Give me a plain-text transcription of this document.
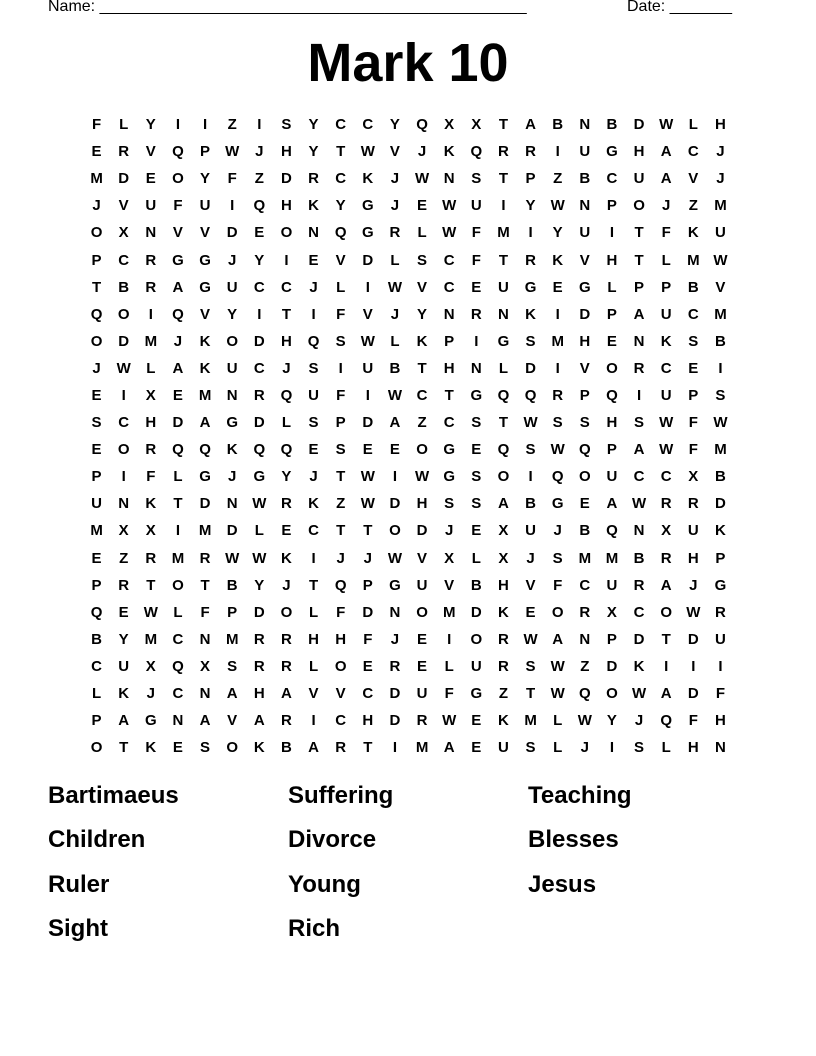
Name: ________________________________________________	Date: _______
Mark 10
F	L	Y	I	I	Z	I	S	Y	C	C	Y	Q	X	X	T	A	B	N	B	D W	L	H
E	R	V	Q	P	W	J	H	Y	T	W	V	J	K	Q	R	R	I	U	G	H	A	C	J
M	D	E	O	Y	F	Z	D	R	C	K	J	W N	S	T	P	Z	B	C	U	A	V	J
J	V	U	F	U	I	Q	H	K	Y	G	J	E	W U	I	Y	W N	P	O	J	Z	M
O	X	N	V	V	D	E	O	N	Q	G	R	L	W	F	M	I	Y	U	I	T	F	K	U
P	C	R	G	G	J	Y	I	E	V	D	L	S	C	F	T	R	K	V	H	T	L	M W
T	B	R	A	G	U	C	C	J	L	I	W	V	C	E	U	G	E	G	L	P	P	B	V
Q	O	I	Q	V	Y	I	T	I	F	V	J	Y	N	R	N	K	I	D	P	A	U	C	M
O	D	M	J	K	O	D	H	Q	S	W	L	K	P	I	G	S	M	H	E	N	K	S	B
J	W	L	A	K	U	C	J	S	I	U	B	T	H	N	L	D	I	V	O	R	C	E	I
E	I	X	E	M	N	R	Q	U	F	I	W C	T	G	Q	Q	R	P	Q	I	U	P	S
S	C	H	D	A	G	D	L	S	P	D	A	Z	C	S	T	W	S	S	H	S	W	F	W
E	O	R	Q	Q	K	Q	Q	E	S	E	E	O	G	E	Q	S	W Q	P	A W	F	M
P	I	F	L	G	J	G	Y	J	T	W	I	W G	S	O	I	Q	O	U	C	C	X	B
U	N	K	T	D	N W R	K	Z	W D	H	S	S	A	B	G	E	A W R	R	D
M	X	X	I	M	D	L	E	C	T	T	O	D	J	E	X	U	J	B	Q	N	X	U	K
E	Z	R	M	R W W K	I	J	J	W	V	X	L	X	J	S	M M	B	R	H	P
P	R	T	O	T	B	Y	J	T	Q	P	G	U	V	B	H	V	F	C	U	R	A	J	G
Q	E	W	L	F	P	D	O	L	F	D	N	O	M	D	K	E	O	R	X	C	O W R
B	Y	M	C	N	M	R	R	H	H	F	J	E	I	O	R W A	N	P	D	T	D	U
C	U	X	Q	X	S	R	R	L	O	E	R	E	L	U	R	S	W	Z	D	K	I	I	I
L	K	J	C	N	A	H	A	V	V	C	D	U	F	G	Z	T	W Q	O W A	D	F
P	A	G	N	A	V	A	R	I	C	H	D	R W	E	K	M	L	W	Y	J	Q	F	H
O	T	K	E	S	O	K	B	A	R	T	I	M	A	E	U	S	L	J	I	S	L	H	N
Bartimaeus	Suffering	Teaching
Children	Divorce	Blesses
Ruler	Young	Jesus
Sight	Rich
